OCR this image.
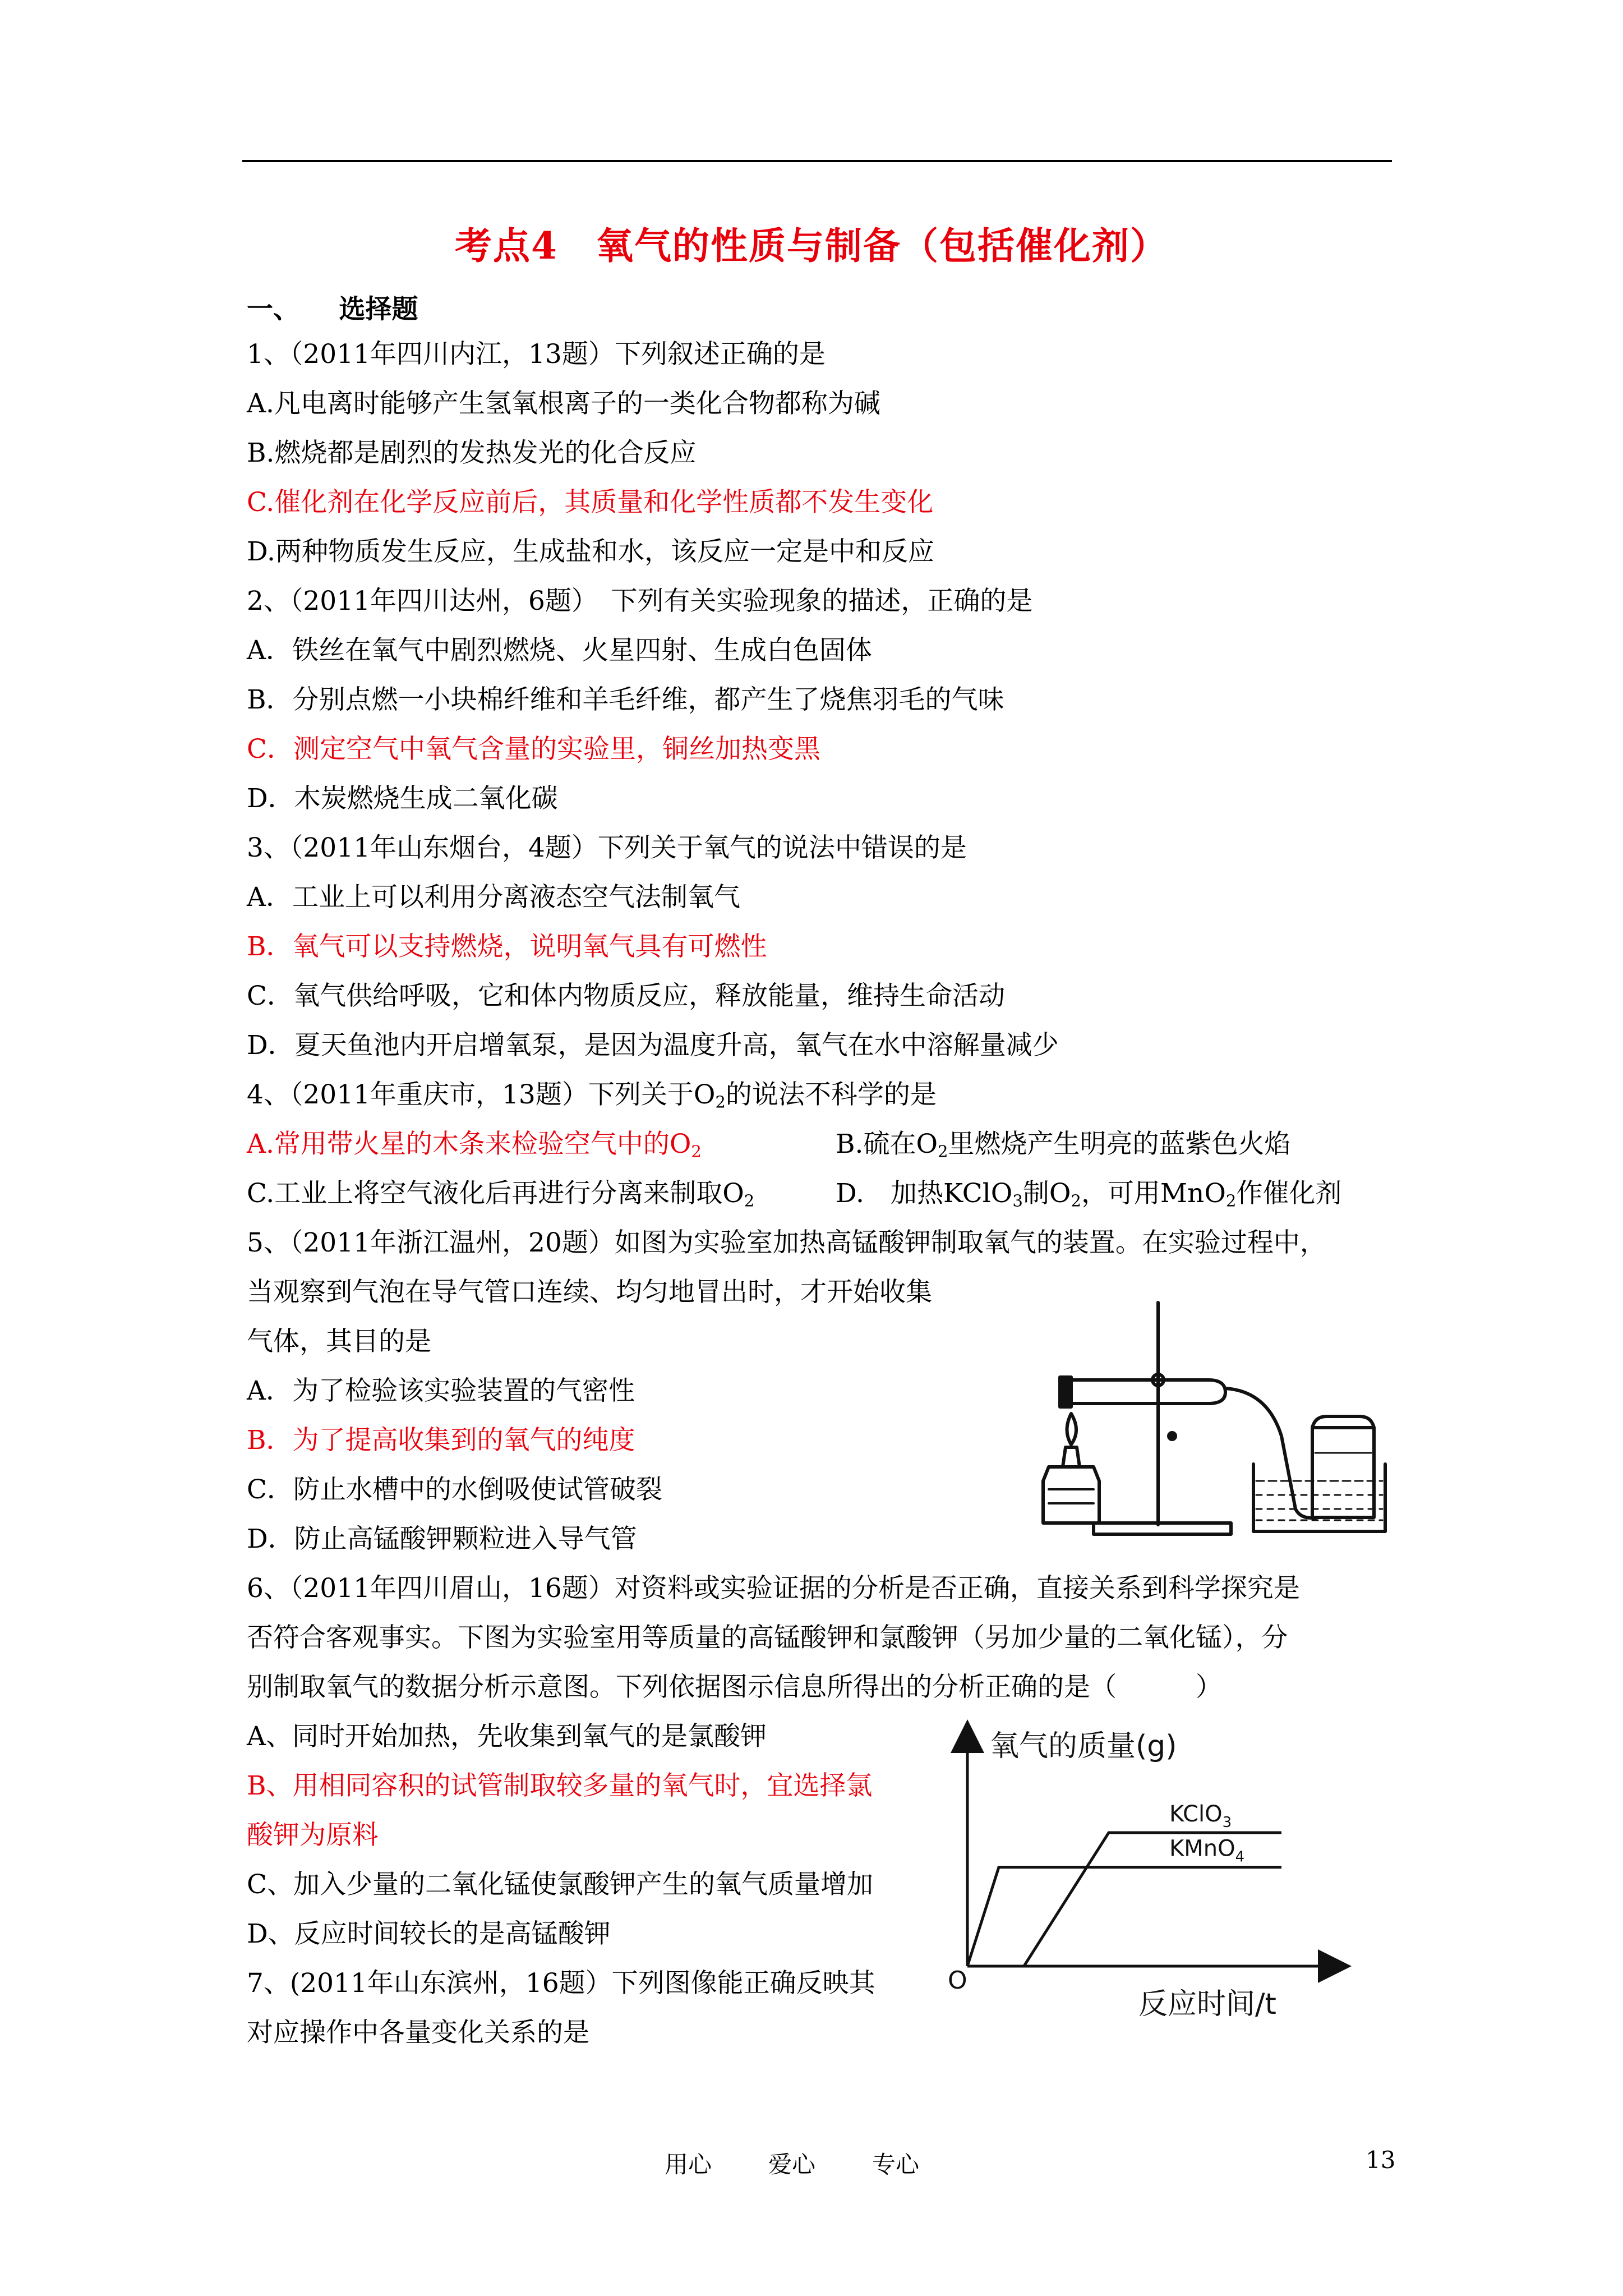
考点4　氧气的性质与制备（包括催化剂）
一、　　选择题
1、（2011年四川内江，13题）下列叙述正确的是
A.凡电离时能够产生氢氧根离子的一类化合物都称为碱
B.燃烧都是剧烈的发热发光的化合反应
C.催化剂在化学反应前后，其质量和化学性质都不发生变化
D.两种物质发生反应，生成盐和水，该反应一定是中和反应
2、（2011年四川达州，6题）　下列有关实验现象的描述，正确的是
A．铁丝在氧气中剧烈燃烧、火星四射、生成白色固体
B．分别点燃一小块棉纤维和羊毛纤维，都产生了烧焦羽毛的气味
C．测定空气中氧气含量的实验里，铜丝加热变黑
D．木炭燃烧生成二氧化碳
3、（2011年山东烟台，4题）下列关于氧气的说法中错误的是
A．工业上可以利用分离液态空气法制氧气
B．氧气可以支持燃烧，说明氧气具有可燃性
C．氧气供给呼吸，它和体内物质反应，释放能量，维持生命活动
D．夏天鱼池内开启增氧泵，是因为温度升高，氧气在水中溶解量减少
4、（2011年重庆市，13题）下列关于$O_2$的说法不科学的是
A.常用带火星的木条来检验空气中的$O_2$	B.硫在$O_2$里燃烧产生明亮的蓝紫色火焰
C.工业上将空气液化后再进行分离来制取$O_2$	D.　加热KClO$_3$制$O_2$，可用MnO$_2$作催化剂
5、（2011年浙江温州，20题）如图为实验室加热高锰酸钾制取氧气的装置。在实验过程中，
当观察到气泡在导气管口连续、均匀地冒出时，才开始收集
气体，其目的是
A．为了检验该实验装置的气密性
B．为了提高收集到的氧气的纯度
C．防止水槽中的水倒吸使试管破裂
D．防止高锰酸钾颗粒进入导气管
6、（2011年四川眉山，16题）对资料或实验证据的分析是否正确，直接关系到科学探究是
否符合客观事实。下图为实验室用等质量的高锰酸钾和氯酸钾（另加少量的二氧化锰），分
别制取氧气的数据分析示意图。下列依据图示信息所得出的分析正确的是（　　　）
A、同时开始加热，先收集到氧气的是氯酸钾
B、用相同容积的试管制取较多量的氧气时，宜选择氯
酸钾为原料
C、加入少量的二氧化锰使氯酸钾产生的氧气质量增加
D、反应时间较长的是高锰酸钾
7、(2011年山东滨州，16题）下列图像能正确反映其
对应操作中各量变化关系的是
氧气的质量(g)
反应时间/t
O
KClO$_3$
KMnO$_4$
用心 爱心 专心	13
